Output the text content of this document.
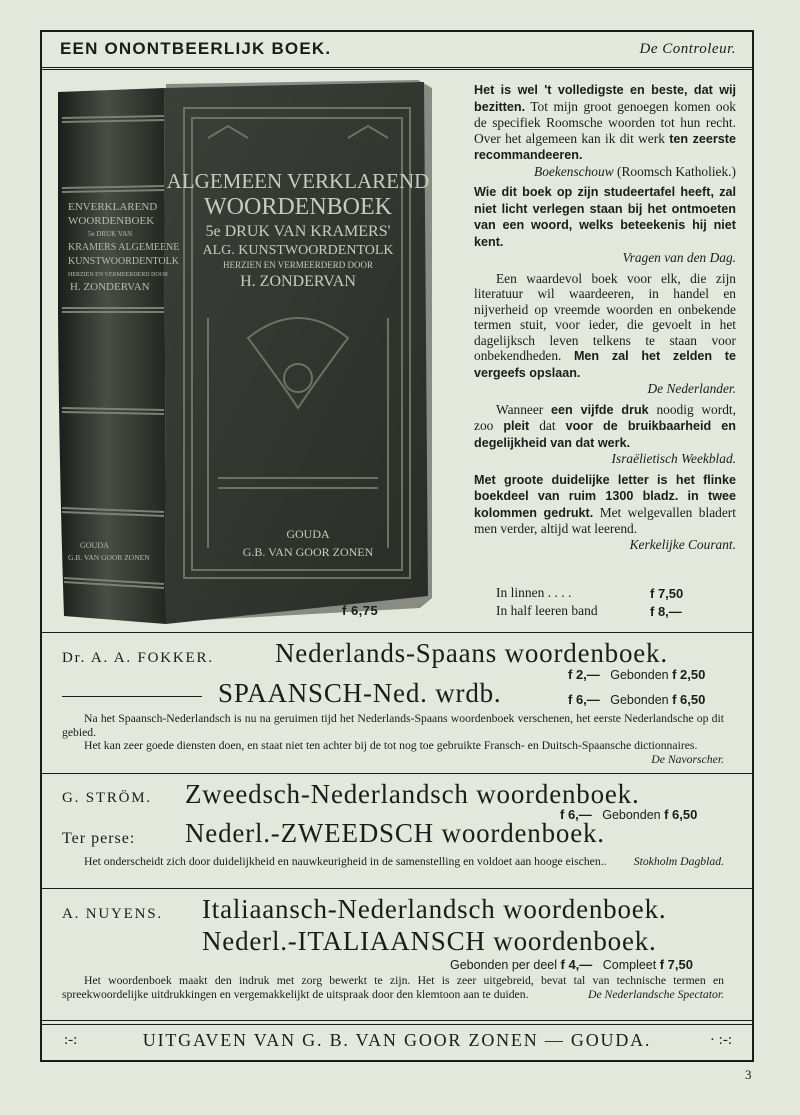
EEN ONONTBEERLIJK BOEK.	De Controleur.
ENVERKLAREND
WOORDENBOEK
5e DRUK VAN
KRAMERS ALGEMEENE
KUNSTWOORDENTOLK
HERZIEN EN VERMEERDERD DOOR
H. ZONDERVAN
GOUDA
G.B. VAN GOOR ZONEN
ALGEMEEN VERKLAREND
WOORDENBOEK
5e DRUK VAN KRAMERS'
ALG. KUNSTWOORDENTOLK
HERZIEN EN VERMEERDERD DOOR
H. ZONDERVAN
GOUDA
G.B. VAN GOOR ZONEN
f 6,75

Het is wel 't volledigste en beste, dat wij bezitten. Tot mijn groot genoegen komen ook de specifiek Roomsche woorden tot hun recht. Over het algemeen kan ik dit werk ten zeerste recommandeeren.
Boekenschouw (Roomsch Katholiek.)

Wie dit boek op zijn studeertafel heeft, zal niet licht verlegen staan bij het ontmoeten van een woord, welks beteekenis hij niet kent.
Vragen van den Dag.

Een waardevol boek voor elk, die zijn literatuur wil waardeeren, in handel en nijverheid op vreemde woorden en onbekende termen stuit, voor ieder, die gevoelt in het dagelijksch leven telkens te staan voor onbekendheden. Men zal het zelden te vergeefs opslaan.
De Nederlander.

Wanneer een vijfde druk noodig wordt, zoo pleit dat voor de bruikbaarheid en degelijkheid van dat werk.
Israëlietisch Weekblad.

Met groote duidelijke letter is het flinke boekdeel van ruim 1300 bladz. in twee kolommen gedrukt. Met welgevallen bladert men verder, altijd wat leerend.
Kerkelijke Courant.

In linnen . . . .	f 7,50
In half leeren band	f 8,—
Dr. A. A. FOKKER. Nederlands-Spaans woordenboek.
f 2,— Gebonden f 2,50
SPAANSCH-Ned. wrdb.	f 6,— Gebonden f 6,50
Na het Spaansch-Nederlandsch is nu na geruimen tijd het Nederlands-Spaans woordenboek verschenen, het eerste Nederlandsche op dit gebied.
Het kan zeer goede diensten doen, en staat niet ten achter bij de tot nog toe gebruikte Fransch- en Duitsch-Spaansche dictionnaires.
De Navorscher.
G. STRÖM. Zweedsch-Nederlandsch woordenboek.
f 6,— Gebonden f 6,50
Ter perse: Nederl.-ZWEEDSCH woordenboek.
Het onderscheidt zich door duidelijkheid en nauwkeurigheid in de samenstelling en voldoet aan hooge eischen..	Stokholm Dagblad.
A. NUYENS. Italiaansch-Nederlandsch woordenboek.
Nederl.-ITALIAANSCH woordenboek.
Gebonden per deel f 4,— Compleet f 7,50
Het woordenboek maakt den indruk met zorg bewerkt te zijn. Het is zeer uitgebreid, bevat tal van technische termen en spreekwoordelijke uitdrukkingen en vergemakkelijkt de uitspraak door den klemtoon aan te duiden.	De Nederlandsche Spectator.
:-:	UITGAVEN VAN G. B. VAN GOOR ZONEN — GOUDA.	· :-:
3
